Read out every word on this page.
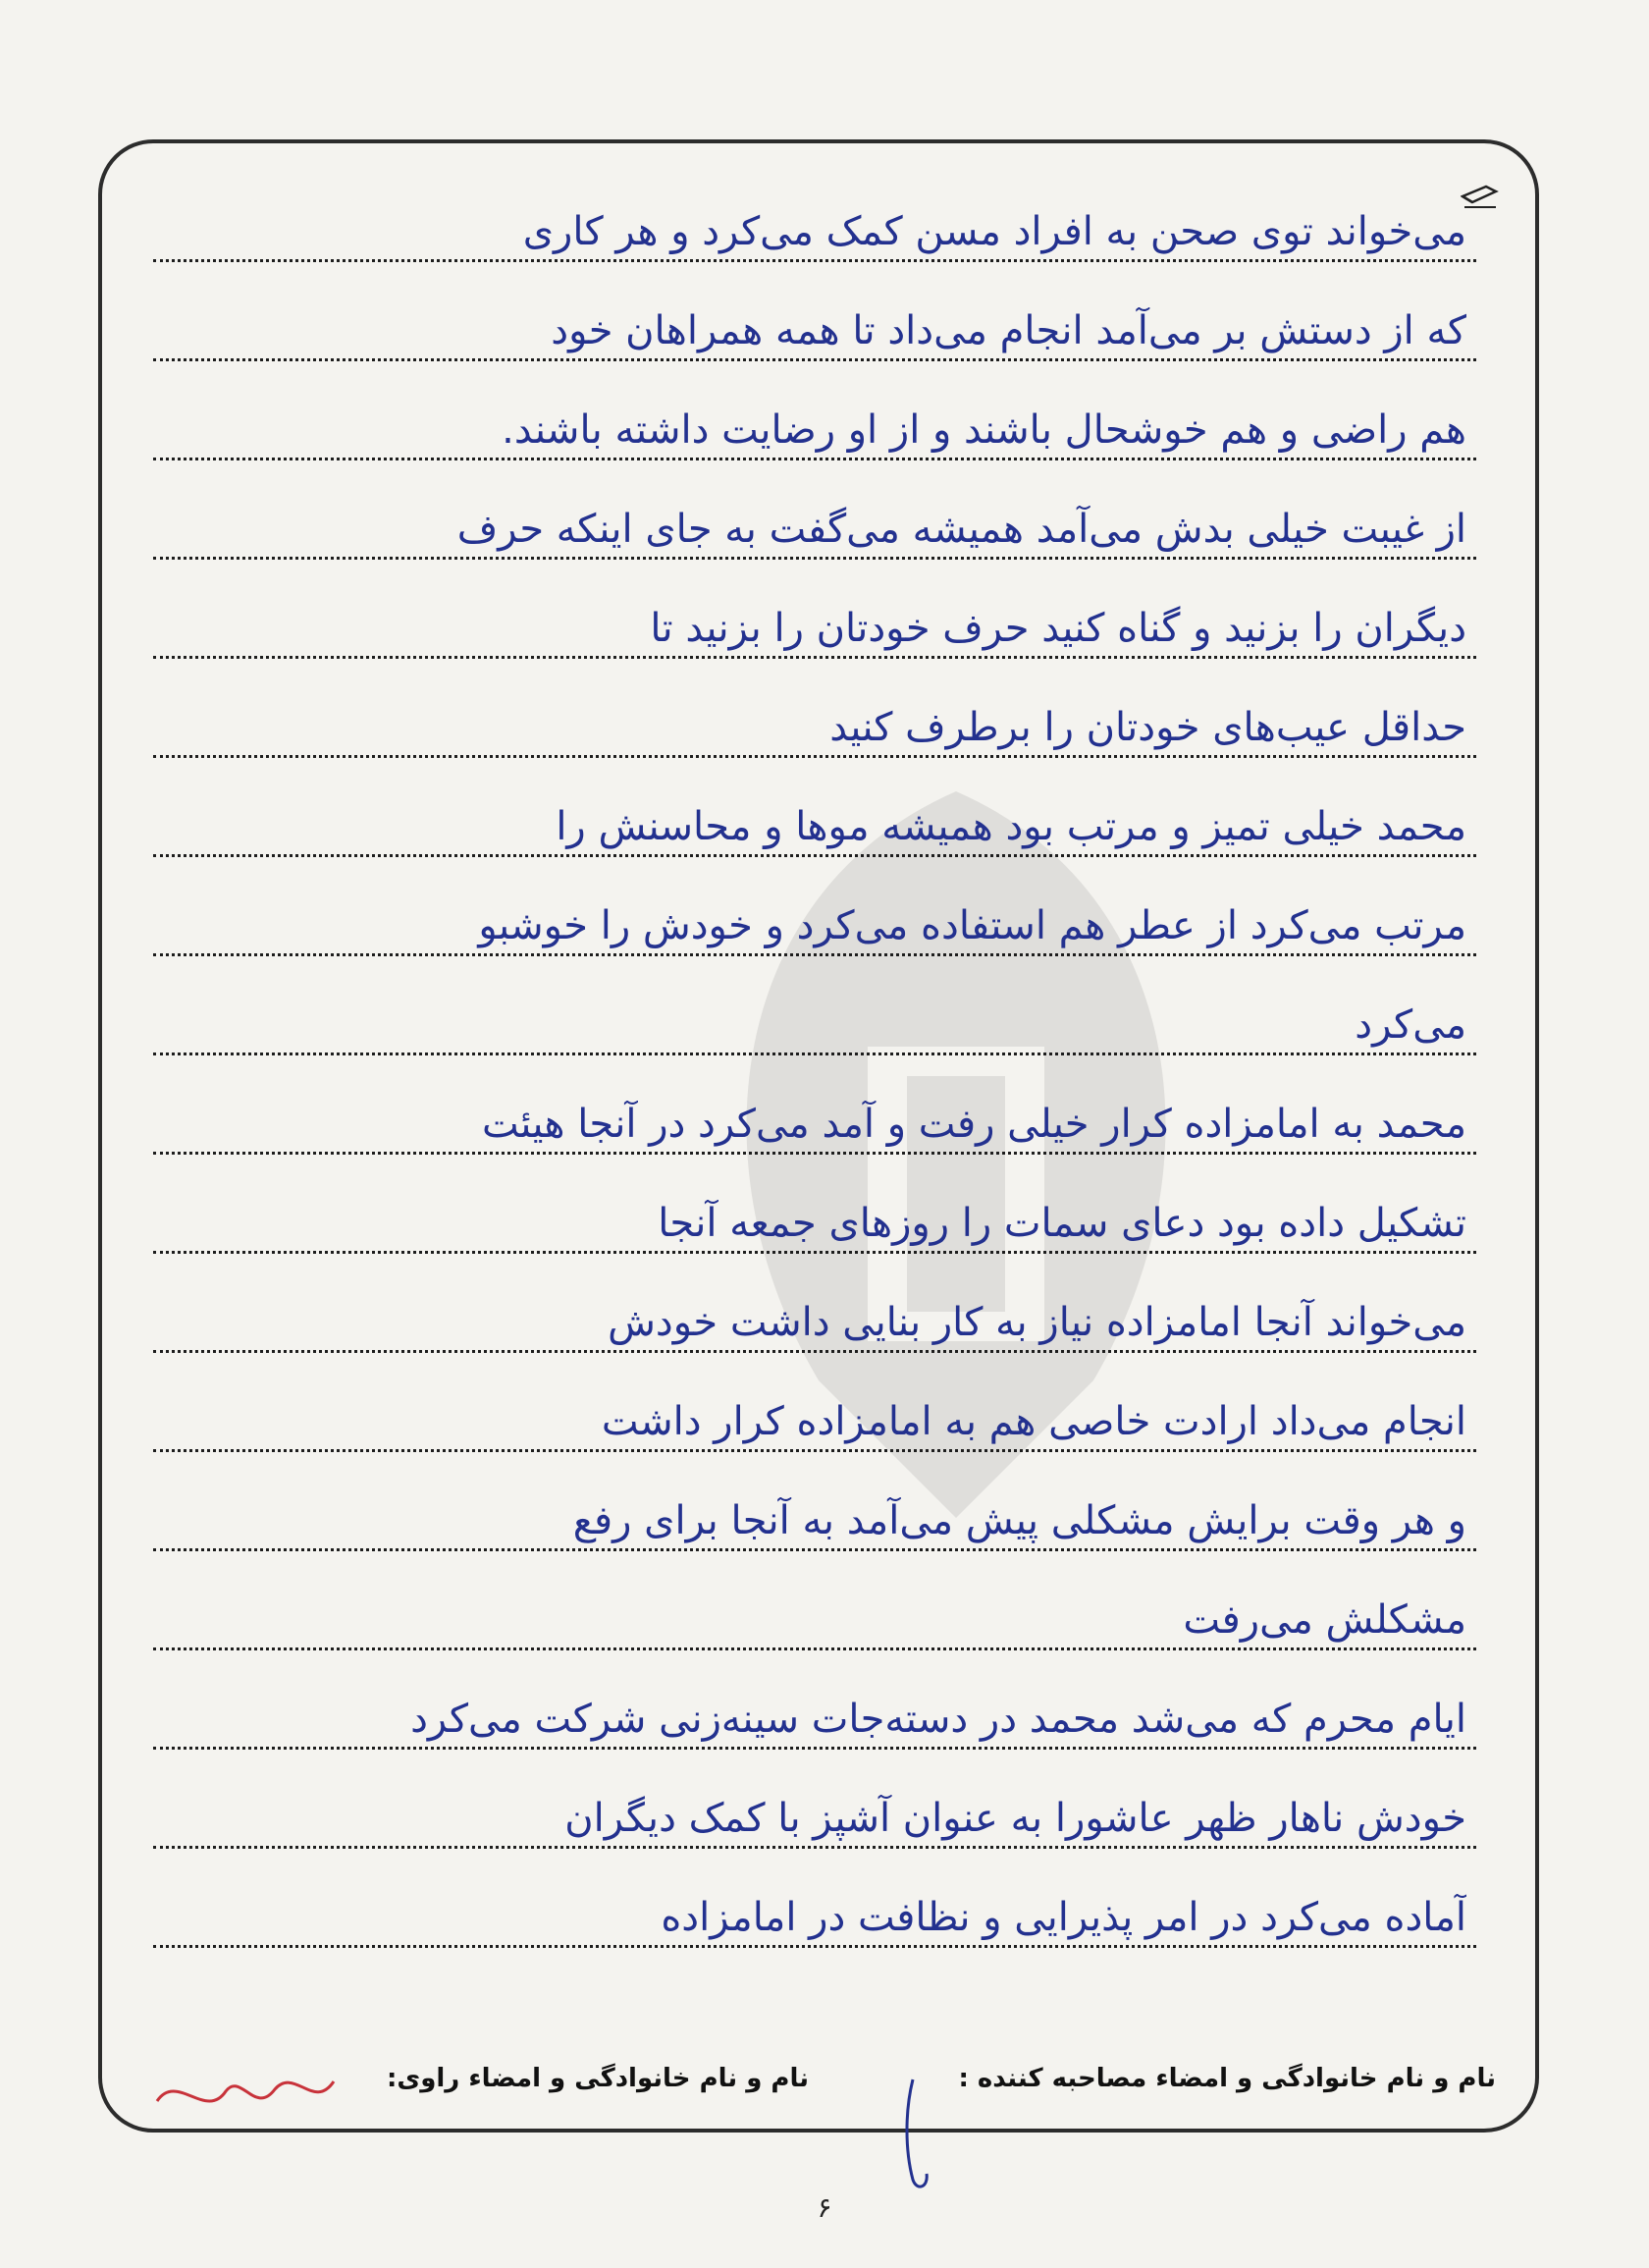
می‌خواند توی صحن به افراد مسن کمک می‌کرد و هر کاری
که از دستش بر می‌آمد انجام می‌داد تا همه همراهان خود
هم راضی و هم خوشحال باشند و از او رضایت داشته باشند.
از غیبت خیلی بدش می‌آمد همیشه می‌گفت به جای اینکه حرف
دیگران را بزنید و گناه کنید حرف خودتان را بزنید تا
حداقل عیب‌های خودتان را برطرف کنید
محمد خیلی تمیز و مرتب بود همیشه موها و محاسنش را
مرتب می‌کرد از عطر هم استفاده می‌کرد و خودش را خوشبو
می‌کرد
محمد به امامزاده کرار خیلی رفت و آمد می‌کرد در آنجا هیئت
تشکیل داده بود دعای سمات را روزهای جمعه آنجا
می‌خواند آنجا امامزاده نیاز به کار بنایی داشت خودش
انجام می‌داد ارادت خاصی هم به امامزاده کرار داشت
و هر وقت برایش مشکلی پیش می‌آمد به آنجا برای رفع
مشکلش می‌رفت
ایام محرم که می‌شد محمد در دسته‌جات سینه‌زنی شرکت می‌کرد
خودش ناهار ظهر عاشورا به عنوان آشپز با کمک دیگران
آماده می‌کرد در امر پذیرایی و نظافت در امامزاده
نام و نام خانوادگی و امضاء مصاحبه کننده :
نام و نام خانوادگی و امضاء راوی:
۶
